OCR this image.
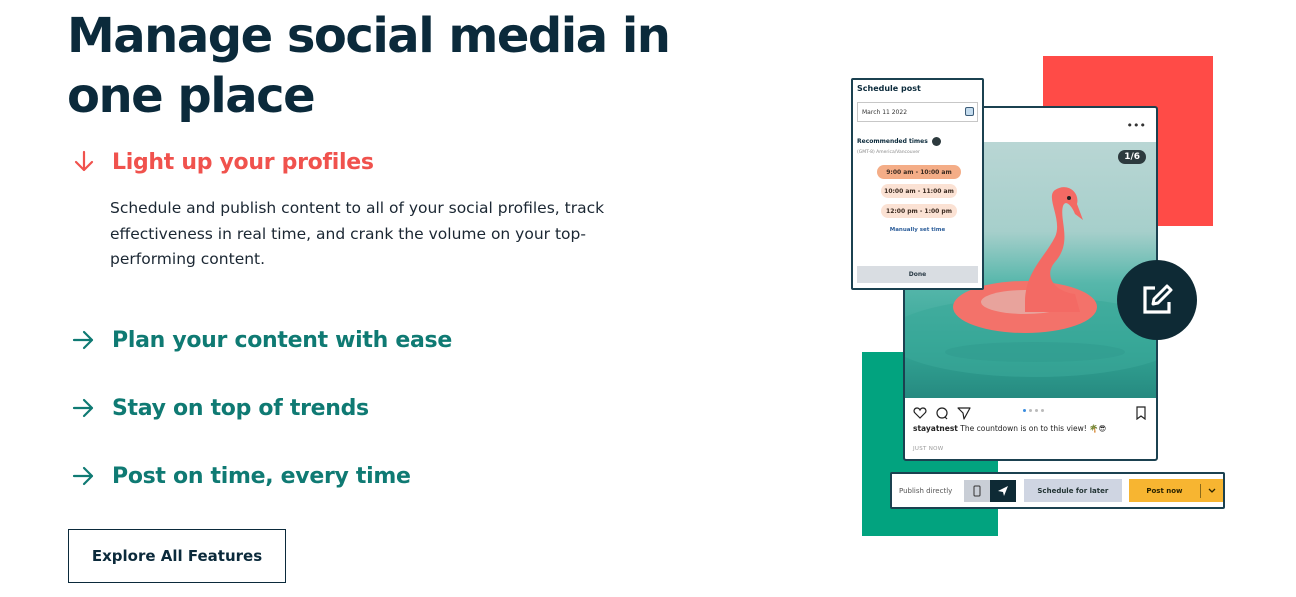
Manage social media in one place
Light up your profiles

Schedule and publish content to all of your social profiles, track effectiveness in real time, and crank the volume on your top-performing content.

Plan your content with ease
Stay on top of trends
Post on time, every time
Explore All Features
•••
1/6
stayatnest The countdown is on to this view! 🌴😎
JUST NOW
Schedule post
March 11 2022
Recommended times
(GMT-8) America/Vancouver
9:00 am - 10:00 am
10:00 am - 11:00 am
12:00 pm - 1:00 pm
Manually set time
Done
Publish directly	Schedule for later	Post now
